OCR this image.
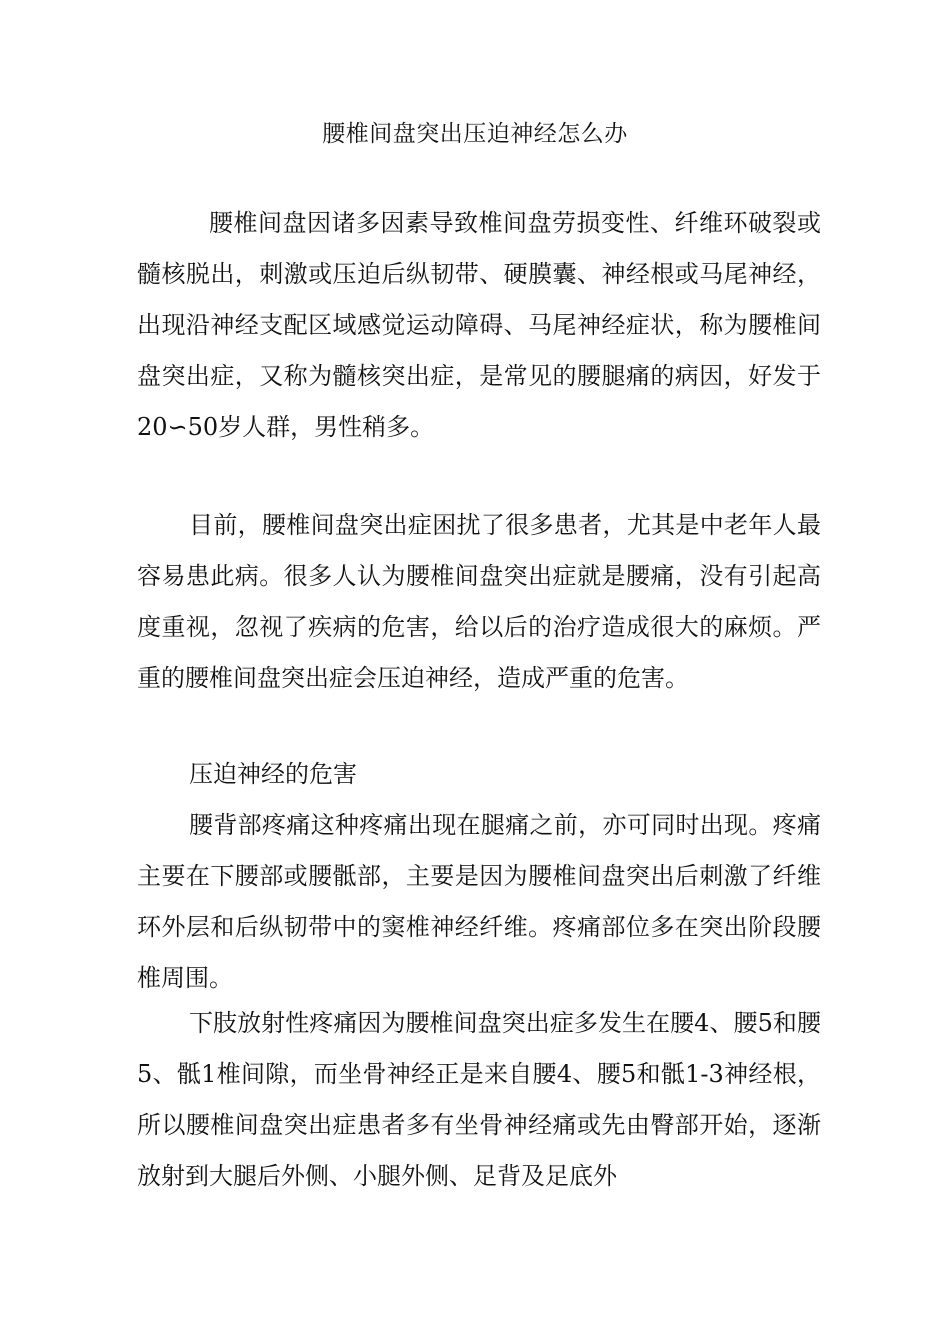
腰椎间盘突出压迫神经怎么办

腰椎间盘因诸多因素导致椎间盘劳损变性、纤维环破裂或髓核脱出，刺激或压迫后纵韧带、硬膜囊、神经根或马尾神经，出现沿神经支配区域感觉运动障碍、马尾神经症状，称为腰椎间盘突出症，又称为髓核突出症，是常见的腰腿痛的病因，好发于20∽50岁人群，男性稍多。

目前，腰椎间盘突出症困扰了很多患者，尤其是中老年人最容易患此病。很多人认为腰椎间盘突出症就是腰痛，没有引起高度重视，忽视了疾病的危害，给以后的治疗造成很大的麻烦。严重的腰椎间盘突出症会压迫神经，造成严重的危害。

压迫神经的危害

腰背部疼痛这种疼痛出现在腿痛之前，亦可同时出现。疼痛主要在下腰部或腰骶部，主要是因为腰椎间盘突出后刺激了纤维环外层和后纵韧带中的窦椎神经纤维。疼痛部位多在突出阶段腰椎周围。

下肢放射性疼痛因为腰椎间盘突出症多发生在腰4、腰5和腰5、骶1椎间隙，而坐骨神经正是来自腰4、腰5和骶1-3神经根，所以腰椎间盘突出症患者多有坐骨神经痛或先由臀部开始，逐渐放射到大腿后外侧、小腿外侧、足背及足底外
